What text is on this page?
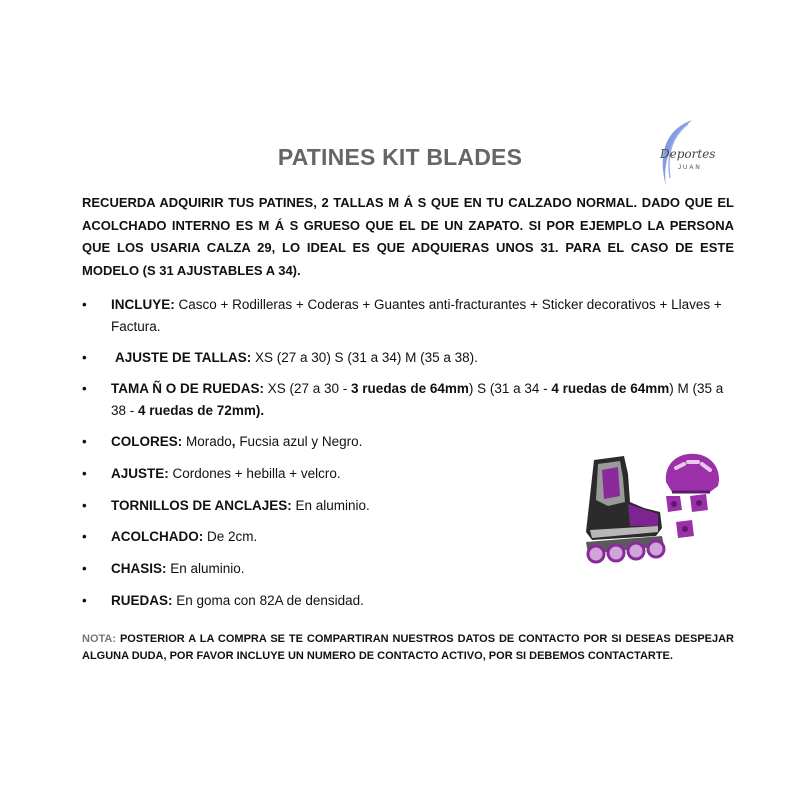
PATINES KIT BLADES	Deportes
JUAN

RECUERDA ADQUIRIR TUS PATINES, 2 TALLAS M Á S QUE EN TU CALZADO NORMAL. DADO QUE EL ACOLCHADO INTERNO ES M Á S GRUESO QUE EL DE UN ZAPATO. SI POR EJEMPLO LA PERSONA QUE LOS USARIA CALZA 29, LO IDEAL ES QUE ADQUIERAS UNOS 31. PARA EL CASO DE ESTE MODELO (S 31 AJUSTABLES A 34).

• INCLUYE: Casco + Rodilleras + Coderas + Guantes anti-fracturantes + Sticker decorativos + Llaves + Factura.
• AJUSTE DE TALLAS: XS (27 a 30) S (31 a 34) M (35 a 38).
• TAMA Ñ O DE RUEDAS: XS (27 a 30 - 3 ruedas de 64mm) S (31 a 34 - 4 ruedas de 64mm) M (35 a 38 - 4 ruedas de 72mm).
• COLORES: Morado, Fucsia azul y Negro.
• AJUSTE: Cordones + hebilla + velcro.
• TORNILLOS DE ANCLAJES: En aluminio.
• ACOLCHADO: De 2cm.
• CHASIS: En aluminio.
• RUEDAS: En goma con 82A de densidad.

NOTA: POSTERIOR A LA COMPRA SE TE COMPARTIRAN NUESTROS DATOS DE CONTACTO POR SI DESEAS DESPEJAR ALGUNA DUDA, POR FAVOR INCLUYE UN NUMERO DE CONTACTO ACTIVO, POR SI DEBEMOS CONTACTARTE.
